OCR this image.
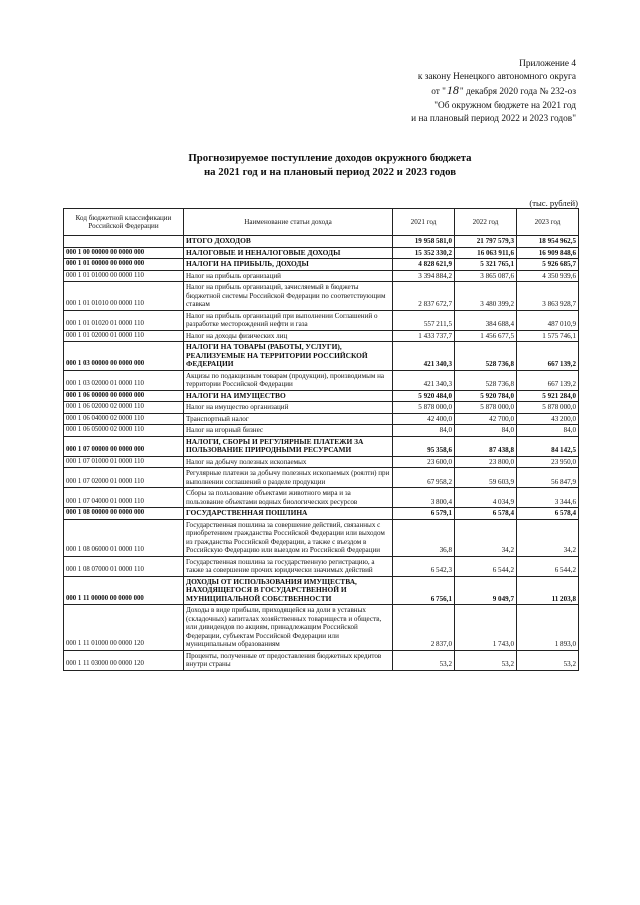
Приложение 4
к закону Ненецкого автономного округа
от "18" декабря 2020 года № 232-оз
"Об окружном бюджете на 2021 год
и на плановый период 2022 и 2023 годов"
Прогнозируемое поступление доходов окружного бюджета
на 2021 год и на плановый период 2022 и 2023 годов
(тыс. рублей)
Код бюджетной классификации Российской Федерации	Наименование статьи дохода	2021 год	2022 год	2023 год
	ИТОГО ДОХОДОВ	19 958 581,0	21 797 579,3	18 954 962,5
000 1 00 00000 00 0000 000	НАЛОГОВЫЕ И НЕНАЛОГОВЫЕ ДОХОДЫ	15 352 330,2	16 063 911,6	16 909 848,6
000 1 01 00000 00 0000 000	НАЛОГИ НА ПРИБЫЛЬ, ДОХОДЫ	4 828 621,9	5 321 765,1	5 926 685,7
000 1 01 01000 00 0000 110	Налог на прибыль организаций	3 394 884,2	3 865 087,6	4 350 939,6
000 1 01 01010 00 0000 110	Налог на прибыль организаций, зачисляемый в бюджеты бюджетной системы Российской Федерации по соответствующим ставкам	2 837 672,7	3 480 399,2	3 863 928,7
000 1 01 01020 01 0000 110	Налог на прибыль организаций при выполнении Соглашений о разработке месторождений нефти и газа	557 211,5	384 688,4	487 010,9
000 1 01 02000 01 0000 110	Налог на доходы физических лиц	1 433 737,7	1 456 677,5	1 575 746,1
000 1 03 00000 00 0000 000	НАЛОГИ НА ТОВАРЫ (РАБОТЫ, УСЛУГИ), РЕАЛИЗУЕМЫЕ НА ТЕРРИТОРИИ РОССИЙСКОЙ ФЕДЕРАЦИИ	421 340,3	528 736,8	667 139,2
000 1 03 02000 01 0000 110	Акцизы по подакцизным товарам (продукции), производимым на территории Российской Федерации	421 340,3	528 736,8	667 139,2
000 1 06 00000 00 0000 000	НАЛОГИ НА ИМУЩЕСТВО	5 920 484,0	5 920 784,0	5 921 284,0
000 1 06 02000 02 0000 110	Налог на имущество организаций	5 878 000,0	5 878 000,0	5 878 000,0
000 1 06 04000 02 0000 110	Транспортный налог	42 400,0	42 700,0	43 200,0
000 1 06 05000 02 0000 110	Налог на игорный бизнес	84,0	84,0	84,0
000 1 07 00000 00 0000 000	НАЛОГИ, СБОРЫ И РЕГУЛЯРНЫЕ ПЛАТЕЖИ ЗА ПОЛЬЗОВАНИЕ ПРИРОДНЫМИ РЕСУРСАМИ	95 358,6	87 438,8	84 142,5
000 1 07 01000 01 0000 110	Налог на добычу полезных ископаемых	23 600,0	23 800,0	23 950,0
000 1 07 02000 01 0000 110	Регулярные платежи за добычу полезных ископаемых (роялти) при выполнении соглашений о разделе продукции	67 958,2	59 603,9	56 847,9
000 1 07 04000 01 0000 110	Сборы за пользование объектами животного мира и за пользование объектами водных биологических ресурсов	3 800,4	4 034,9	3 344,6
000 1 08 00000 00 0000 000	ГОСУДАРСТВЕННАЯ ПОШЛИНА	6 579,1	6 578,4	6 578,4
000 1 08 06000 01 0000 110	Государственная пошлина за совершение действий, связанных с приобретением гражданства Российской Федерации или выходом из гражданства Российской Федерации, а также с въездом в Российскую Федерацию или выездом из Российской Федерации	36,8	34,2	34,2
000 1 08 07000 01 0000 110	Государственная пошлина за государственную регистрацию, а также за совершение прочих юридически значимых действий	6 542,3	6 544,2	6 544,2
000 1 11 00000 00 0000 000	ДОХОДЫ ОТ ИСПОЛЬЗОВАНИЯ ИМУЩЕСТВА, НАХОДЯЩЕГОСЯ В ГОСУДАРСТВЕННОЙ И МУНИЦИПАЛЬНОЙ СОБСТВЕННОСТИ	6 756,1	9 049,7	11 203,8
000 1 11 01000 00 0000 120	Доходы в виде прибыли, приходящейся на доли в уставных (складочных) капиталах хозяйственных товариществ и обществ, или дивидендов по акциям, принадлежащим Российской Федерации, субъектам Российской Федерации или муниципальным образованиям	2 837,0	1 743,0	1 893,0
000 1 11 03000 00 0000 120	Проценты, полученные от предоставления бюджетных кредитов внутри страны	53,2	53,2	53,2
